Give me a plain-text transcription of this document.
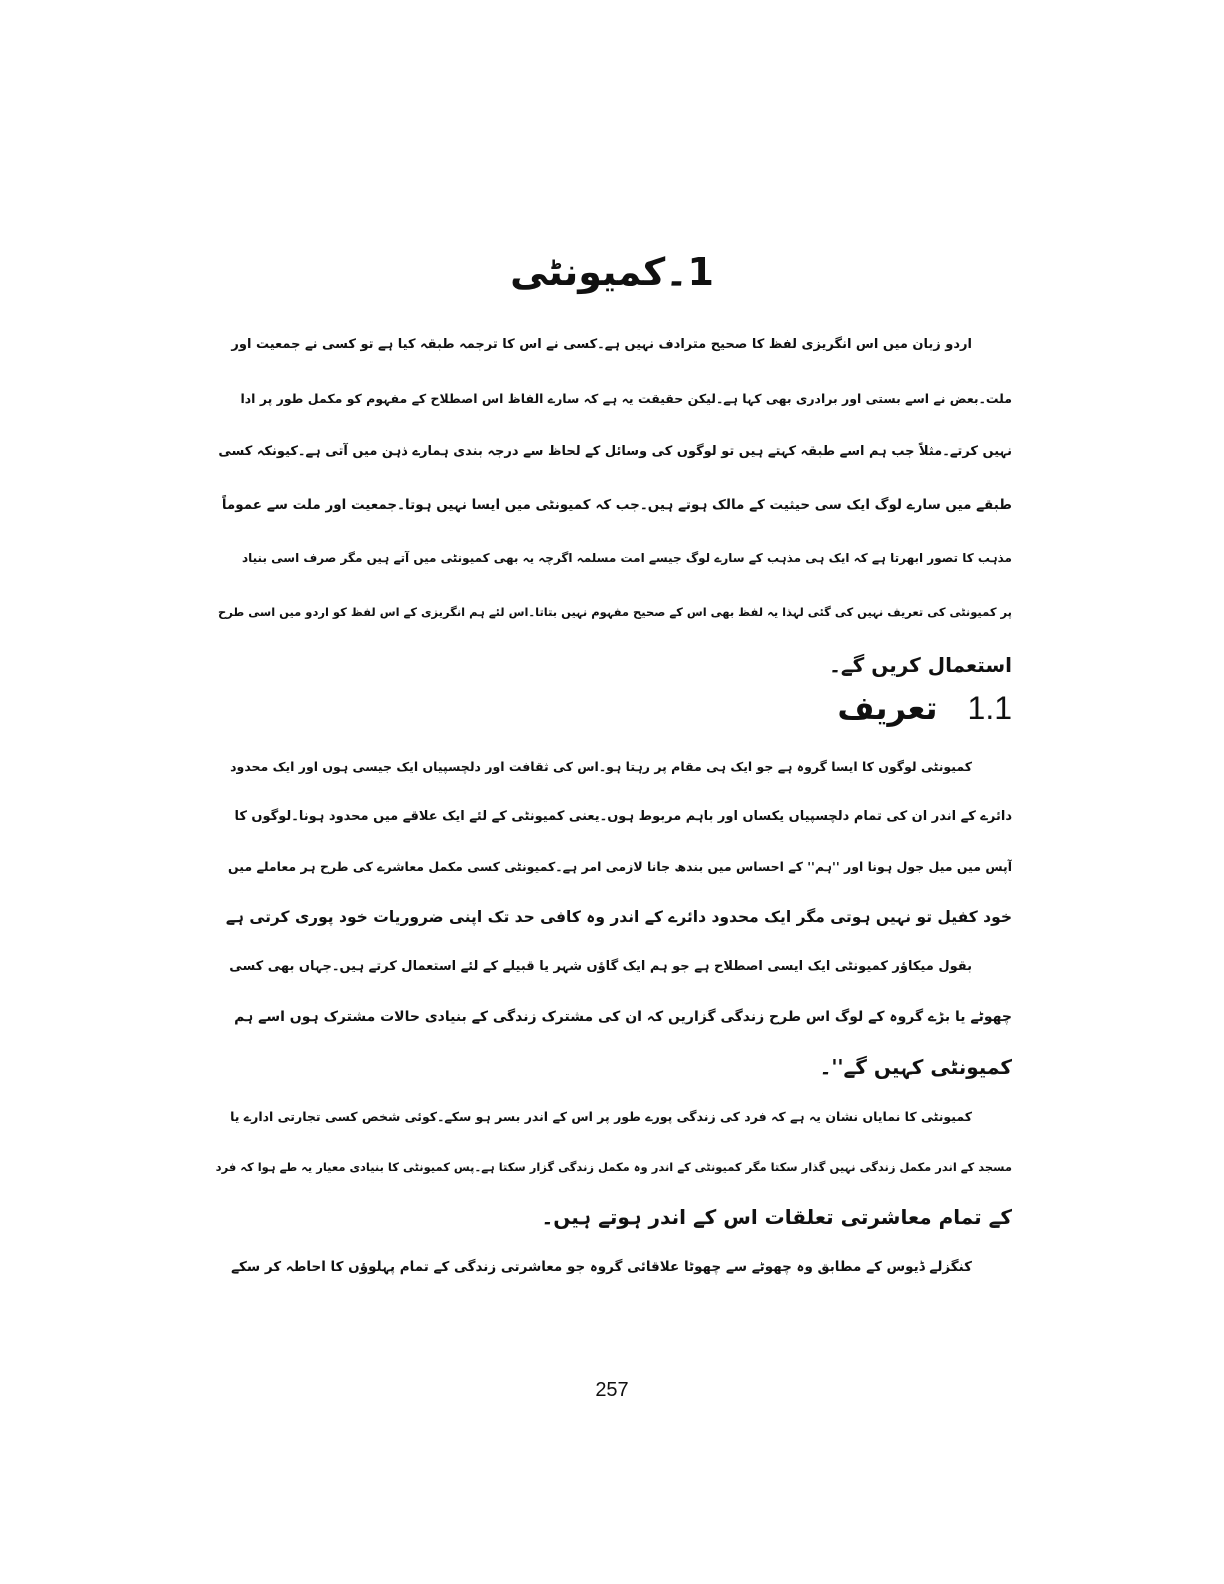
1۔کمیونٹی
اردو زبان میں اس انگریزی لفظ کا صحیح مترادف نہیں ہے۔کسی نے اس کا ترجمہ طبقہ کیا ہے تو کسی نے جمعیت اور
ملت۔بعض نے اسے بستی اور برادری بھی کہا ہے۔لیکن حقیقت یہ ہے کہ سارے الفاظ اس اصطلاح کے مفہوم کو مکمل طور پر ادا
نہیں کرتے۔مثلاً جب ہم اسے طبقہ کہتے ہیں تو لوگوں کی وسائل کے لحاظ سے درجہ بندی ہمارے ذہن میں آتی ہے۔کیونکہ کسی
طبقے میں سارے لوگ ایک سی حیثیت کے مالک ہوتے ہیں۔جب کہ کمیونٹی میں ایسا نہیں ہوتا۔جمعیت اور ملت سے عموماً
مذہب کا تصور ابھرتا ہے کہ ایک ہی مذہب کے سارے لوگ جیسے امت مسلمہ اگرچہ یہ بھی کمیونٹی میں آتے ہیں مگر صرف اسی بنیاد
پر کمیونٹی کی تعریف نہیں کی گئی لہذا یہ لفظ بھی اس کے صحیح مفہوم نہیں بتاتا۔اس لئے ہم انگریزی کے اس لفظ کو اردو میں اسی طرح
استعمال کریں گے۔
1.1تعریف
کمیونٹی لوگوں کا ایسا گروہ ہے جو ایک ہی مقام پر رہتا ہو۔اس کی ثقافت اور دلچسپیاں ایک جیسی ہوں اور ایک محدود
دائرے کے اندر ان کی تمام دلچسپیاں یکساں اور باہم مربوط ہوں۔یعنی کمیونٹی کے لئے ایک علاقے میں محدود ہونا۔لوگوں کا
آپس میں میل جول ہونا اور ''ہم'' کے احساس میں بندھ جانا لازمی امر ہے۔کمیونٹی کسی مکمل معاشرے کی طرح ہر معاملے میں
خود کفیل تو نہیں ہوتی مگر ایک محدود دائرے کے اندر وہ کافی حد تک اپنی ضروریات خود پوری کرتی ہے
بقول میکاؤر کمیونٹی ایک ایسی اصطلاح ہے جو ہم ایک گاؤں شہر یا قبیلے کے لئے استعمال کرتے ہیں۔جہاں بھی کسی
چھوٹے یا بڑے گروہ کے لوگ اس طرح زندگی گزاریں کہ ان کی مشترک زندگی کے بنیادی حالات مشترک ہوں اسے ہم
کمیونٹی کہیں گے''۔
کمیونٹی کا نمایاں نشان یہ ہے کہ فرد کی زندگی پورے طور پر اس کے اندر بسر ہو سکے۔کوئی شخص کسی تجارتی ادارے یا
مسجد کے اندر مکمل زندگی نہیں گذار سکتا مگر کمیونٹی کے اندر وہ مکمل زندگی گزار سکتا ہے۔پس کمیونٹی کا بنیادی معیار یہ طے ہوا کہ فرد
کے تمام معاشرتی تعلقات اس کے اندر ہوتے ہیں۔
کنگزلے ڈیوس کے مطابق وہ چھوٹے سے چھوٹا علاقائی گروہ جو معاشرتی زندگی کے تمام پہلوؤں کا احاطہ کر سکے
257
